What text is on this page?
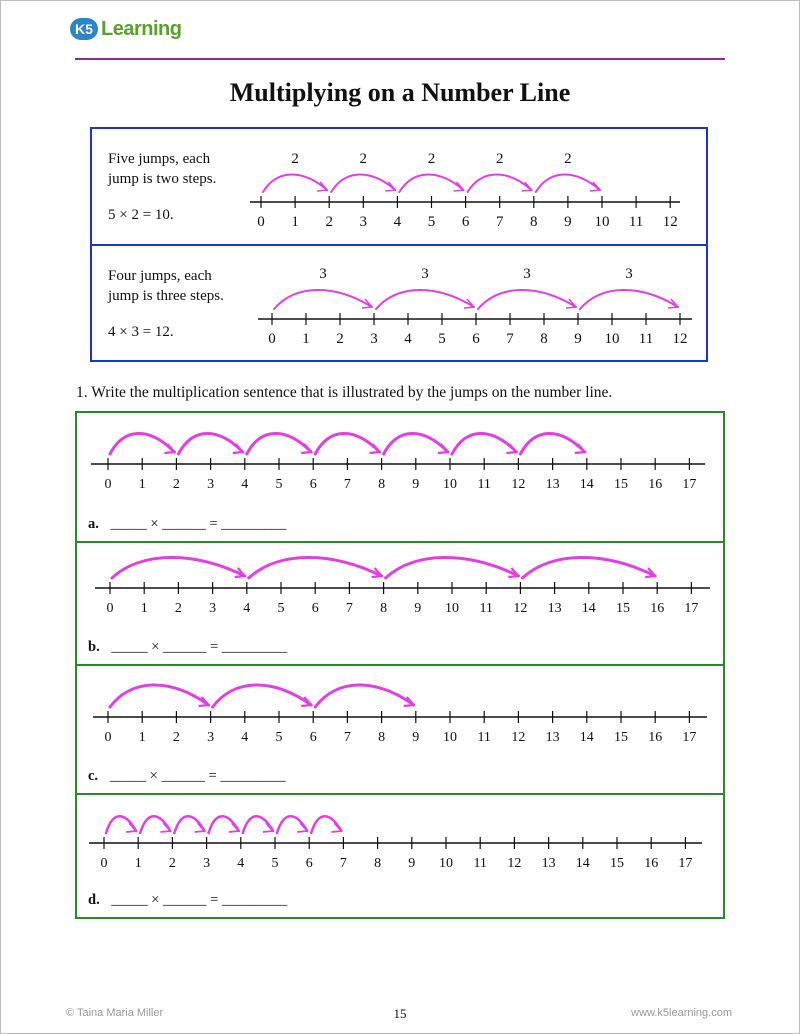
K5 Learning
Multiplying on a Number Line
Five jumps, each
jump is two steps.
5 × 2 = 10.	0 1 2 3 4 5 6 7 8 9 10 11 12
2	2	2	2	2
Four jumps, each
jump is three steps.
4 × 3 = 12.	0 1 2 3 4 5 6 7 8 9 10 11 12
3	3	3	3
1. Write the multiplication sentence that is illustrated by the jumps on the number line.
0 1 2 3 4 5 6 7 8 9 10 11 12 13 14 15 16 17
a. _____ × ______ = _________
0 1 2 3 4 5 6 7 8 9 10 11 12 13 14 15 16 17
b. _____ × ______ = _________
0 1 2 3 4 5 6 7 8 9 10 11 12 13 14 15 16 17
c. _____ × ______ = _________
0 1 2 3 4 5 6 7 8 9 10 11 12 13 14 15 16 17
d. _____ × ______ = _________
© Taina Maria Miller	15	www.k5learning.com
